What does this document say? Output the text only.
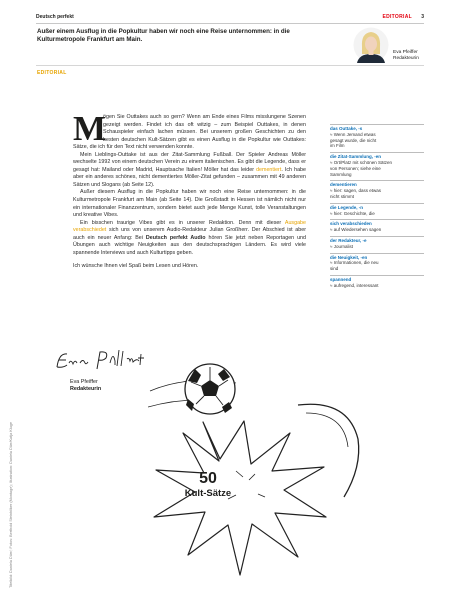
Deutsch perfekt	EDITORIAL 3
Außer einem Ausflug in die Popkultur haben wir noch eine Reise unternommen: in die Kulturmetropole Frankfurt am Main.
Eva Pfeiffer
Redakteurin
EDITORIAL

M
ögen Sie Outtakes auch so gern? Wenn am Ende eines Films misslungene Szenen gezeigt werden. Findet ich das oft witzig – zum Beispiel Outtakes, in denen Schauspieler einfach lachen müssen. Bei unserem großen Geschichten zu den besten deutschen Kult-Sätzen gibt es einen Ausflug in die Popkultur wie Outtakes: Sätze, die ich für den Text nicht verwenden konnte.

Mein Lieblings-Outtake ist aus der Zitat-Sammlung Fußball. Der Spieler Andreas Möller wechselte 1992 von einem deutschen Verein zu einem italienischen. Es gibt die Legende, dass er gesagt hat: Mailand oder Madrid, Hauptsache Italien! Möller hat das leider dementiert. Ich habe aber ein anderes schönes, nicht dementiertes Möller-Zitat gefunden – zusammen mit 49 anderen Sätzen und Slogans (ab Seite 12).

Außer diesem Ausflug in die Popkultur haben wir noch eine Reise unternommen: in die Kulturmetropole Frankfurt am Main (ab Seite 14). Die Großstadt in Hessen ist nämlich nicht nur ein internationaler Finanzzentrum, sondern bietet auch jede Menge Kunst, tolle Veranstaltungen und kreative Vibes.

Ein bisschen traurige Vibes gibt es in unserer Redaktion. Denn mit dieser Ausgabe verabschiedet sich uns von unserem Audio-Redakteur Julian Großherr. Der Abschied ist aber auch ein neuer Anfang: Bei Deutsch perfekt Audio hören Sie jetzt neben Reportagen und Übungen auch wichtige Neuigkeiten aus den deutschsprachigen Ländern. Es wird viele spannende Interviews und auch Kulturtipps geben.

Ich wünsche Ihnen viel Spaß beim Lesen und Hören.

Eva Pfeiffer
Redakteurin
das Outtake, -s
≈ Wenn Jemand etwas
gesagt wurde, die nicht
im Film
die Zitat-Sammlung, -en
≈ Ort/Platz mit schönen Sätzen
von Personen; siehe eine
Sammlung
dementieren
≈ hier: sagen, dass etwas
nicht stimmt
die Legende, -n
≈ hier: Geschichte, die
sich verabschieden
≈ auf Wiedersehen sagen
der Redakteur, -e
≈ Journalist
die Neuigkeit, -en
≈ Informationen, die neu
sind
spannend
≈ aufregend, interessant
50
Kult-Sätze
Titelbild: Daniela Dürr/; Fotos: Berthold Steinhilber (Montage); Illustration: Daniela Dürr/Katja Kluge
